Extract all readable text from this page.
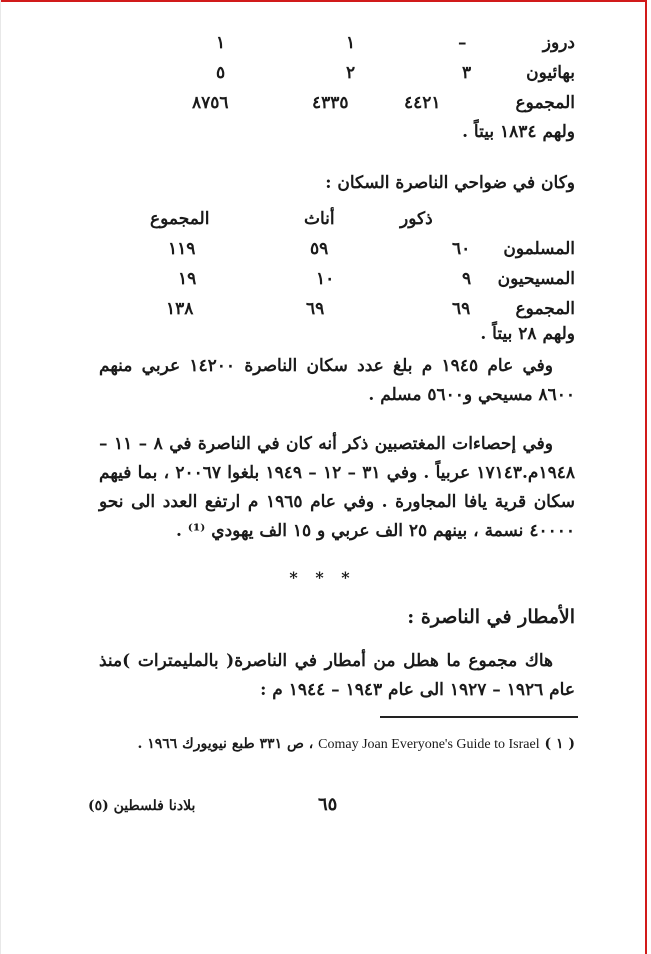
دروز
–
١
١
بهائيون
٣
٢
٥
المجموع
٤٤٢١
٤٣٣٥
٨٧٥٦
ولهم ١٨٣٤ بيتاً .
وكان في ضواحي الناصرة السكان :
ذكور
أناث
المجموع
المسلمون
٦٠
٥٩
١١٩
المسيحيون
٩
١٠
١٩
المجموع
٦٩
٦٩
١٣٨
ولهم ٢٨ بيتاً .

وفي عام ١٩٤٥ م بلغ عدد سكان الناصرة ١٤٢٠٠ عربي منهم ٨٦٠٠ مسيحي و٥٦٠٠ مسلم .

وفي إحصاءات المغتصبين ذكر أنه كان في الناصرة في ٨ – ١١ – ١٩٤٨م.١٧١٤٣ عربياً . وفي ٣١ – ١٢ – ١٩٤٩ بلغوا ٢٠٠٦٧ ، بما فيهم سكان قرية يافا المجاورة . وفي عام ١٩٦٥ م ارتفع العدد الى نحو ٤٠٠٠٠ نسمة ، بينهم ٢٥ الف عربي و ١٥ الف يهودي ⁽¹⁾ .

* * *
الأمطار في الناصرة :

هاك مجموع ما هطل من أمطار في الناصرة( بالمليمترات )منذ عام ١٩٢٦ – ١٩٢٧ الى عام ١٩٤٣ – ١٩٤٤ م :

( ١ ) Comay Joan Everyone's Guide to Israel ، ص ٣٣١ طبع نيويورك ١٩٦٦ .
بلادنا فلسطين (٥)	٦٥
